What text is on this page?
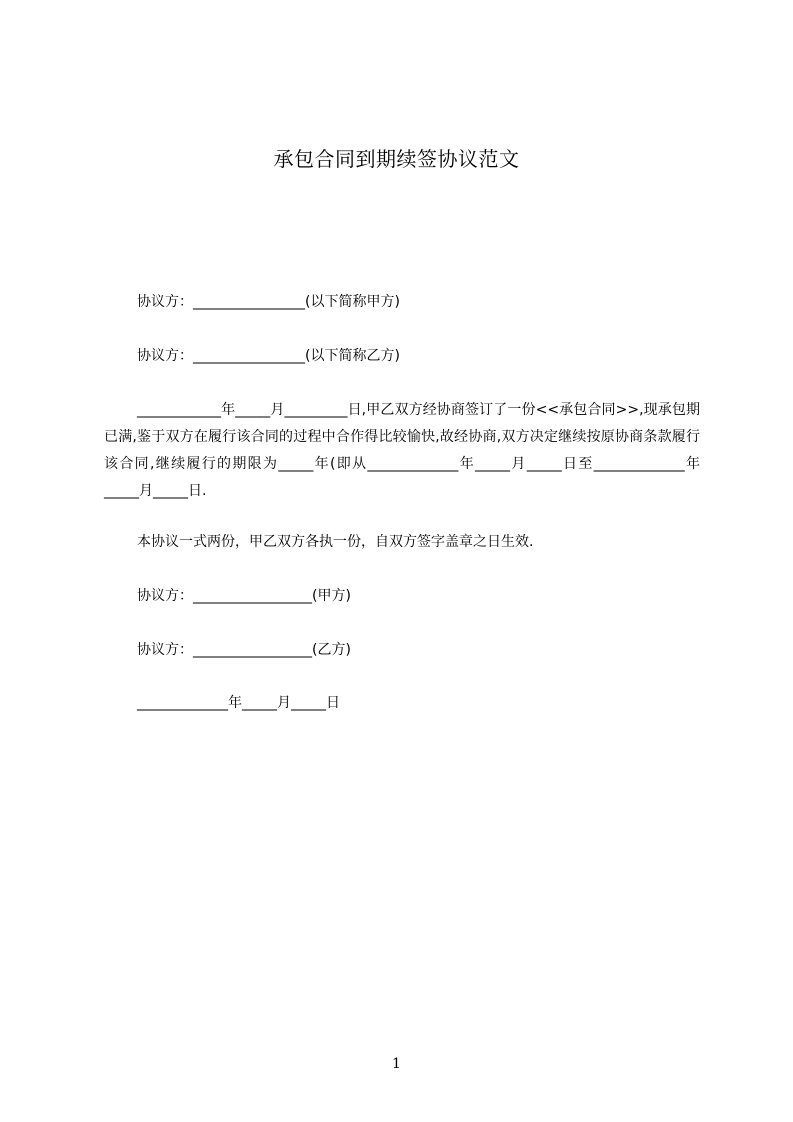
承包合同到期续签协议范文
协议方：________________(以下简称甲方)
协议方：________________(以下简称乙方)
____________年_____月_________日,甲乙双方经协商签订了一份<<承包合同>>,现承包期已满,鉴于双方在履行该合同的过程中合作得比较愉快,故经协商,双方决定继续按原协商条款履行该合同,继续履行的期限为_____年(即从_____________年_____月_____日至_____________年_____月_____日.
本协议一式两份，甲乙双方各执一份，自双方签字盖章之日生效.
协议方：_________________(甲方)
协议方：_________________(乙方)
_____________年_____月_____日
1
